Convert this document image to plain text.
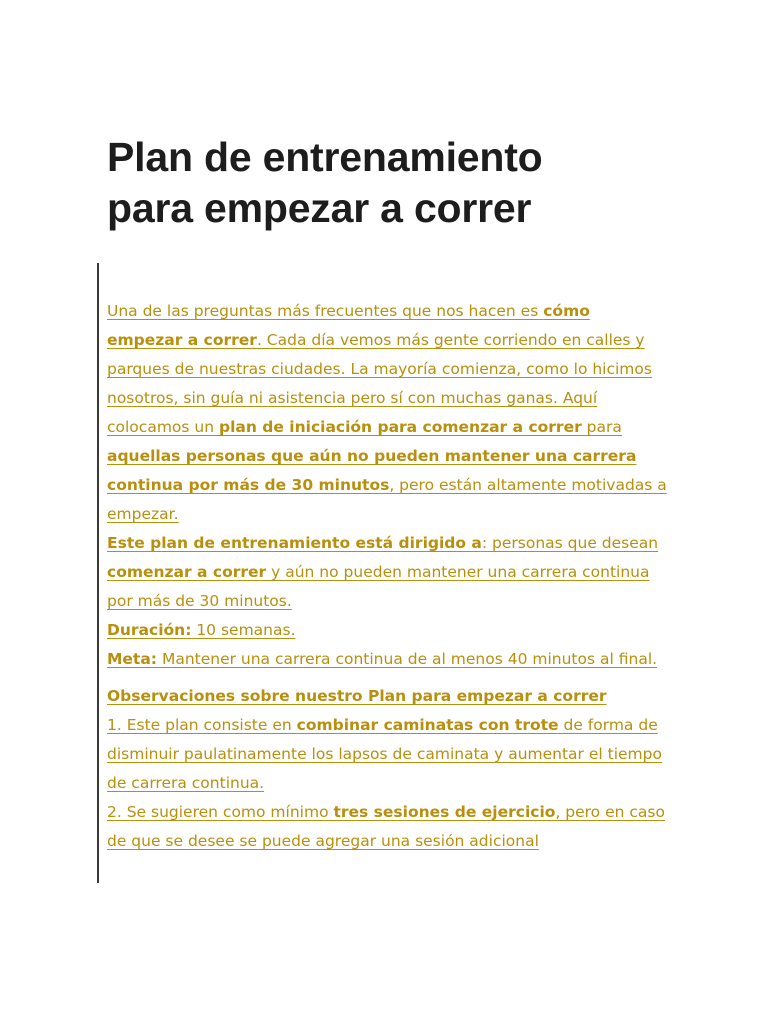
Plan de entrenamiento
para empezar a correr

Una de las preguntas más frecuentes que nos hacen es cómo empezar a correr. Cada día vemos más gente corriendo en calles y parques de nuestras ciudades. La mayoría comienza, como lo hicimos nosotros, sin guía ni asistencia pero sí con muchas ganas. Aquí colocamos un plan de iniciación para comenzar a correr para aquellas personas que aún no pueden mantener una carrera continua por más de 30 minutos, pero están altamente motivadas a empezar.

Este plan de entrenamiento está dirigido a: personas que desean comenzar a correr y aún no pueden mantener una carrera continua por más de 30 minutos.

Duración: 10 semanas.

Meta: Mantener una carrera continua de al menos 40 minutos al final.

Observaciones sobre nuestro Plan para empezar a correr

1. Este plan consiste en combinar caminatas con trote de forma de disminuir paulatinamente los lapsos de caminata y aumentar el tiempo de carrera continua.

2. Se sugieren como mínimo tres sesiones de ejercicio, pero en caso de que se desee se puede agregar una sesión adicional
